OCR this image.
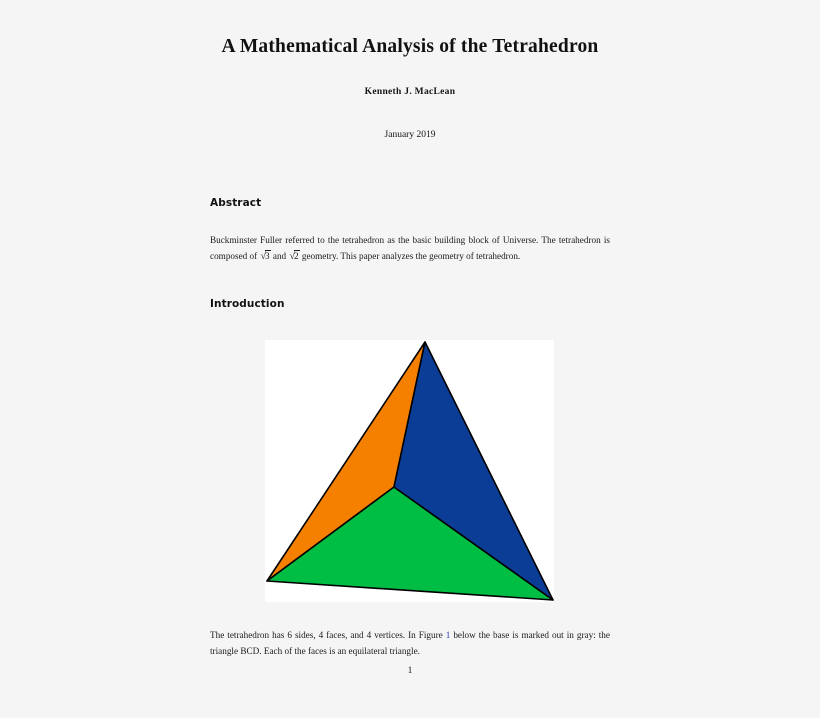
A Mathematical Analysis of the Tetrahedron
Kenneth J. MacLean
January 2019
Abstract
Buckminster Fuller referred to the tetrahedron as the basic building block of Universe. The tetrahedron is composed of √3 and √2 geometry. This paper analyzes the geometry of tetrahedron.
Introduction
The tetrahedron has 6 sides, 4 faces, and 4 vertices. In Figure 1 below the base is marked out in gray: the triangle BCD. Each of the faces is an equilateral triangle.
1
